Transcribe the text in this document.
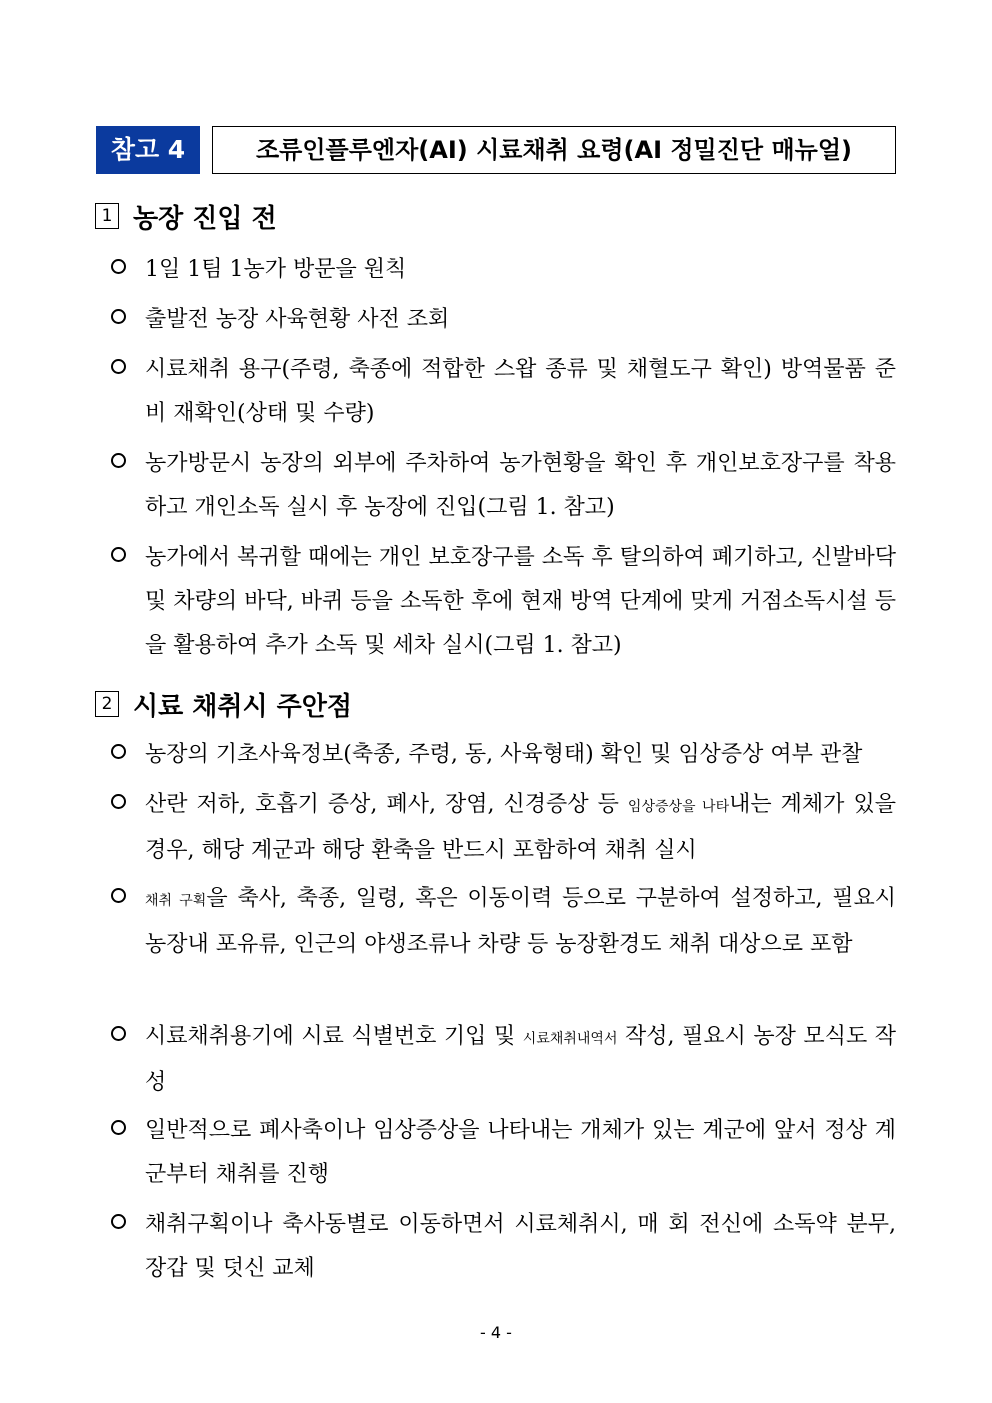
참고 4	조류인플루엔자(AI) 시료채취 요령(AI 정밀진단 매뉴얼)
1 농장 진입 전
1일 1팀 1농가 방문을 원칙
출발전 농장 사육현황 사전 조회
시료채취 용구(주령, 축종에 적합한 스왑 종류 및 채혈도구 확인) 방역물품 준비 재확인(상태 및 수량)
농가방문시 농장의 외부에 주차하여 농가현황을 확인 후 개인보호장구를 착용하고 개인소독 실시 후 농장에 진입(그림 1. 참고)
농가에서 복귀할 때에는 개인 보호장구를 소독 후 탈의하여 폐기하고, 신발바닥 및 차량의 바닥, 바퀴 등을 소독한 후에 현재 방역 단계에 맞게 거점소독시설 등을 활용하여 추가 소독 및 세차 실시(그림 1. 참고)
2 시료 채취시 주안점
농장의 기초사육정보(축종, 주령, 동, 사육형태) 확인 및 임상증상 여부 관찰
산란 저하, 호흡기 증상, 폐사, 장염, 신경증상 등 임상증상을 나타내는 계체가 있을 경우, 해당 계군과 해당 환축을 반드시 포함하여 채취 실시
채취 구획을 축사, 축종, 일령, 혹은 이동이력 등으로 구분하여 설정하고, 필요시 농장내 포유류, 인근의 야생조류나 차량 등 농장환경도 채취 대상으로 포함
시료채취용기에 시료 식별번호 기입 및 시료채취내역서 작성, 필요시 농장 모식도 작성
일반적으로 폐사축이나 임상증상을 나타내는 개체가 있는 계군에 앞서 정상 계군부터 채취를 진행
채취구획이나 축사동별로 이동하면서 시료체취시, 매 회 전신에 소독약 분무, 장갑 및 덧신 교체
- 4 -
